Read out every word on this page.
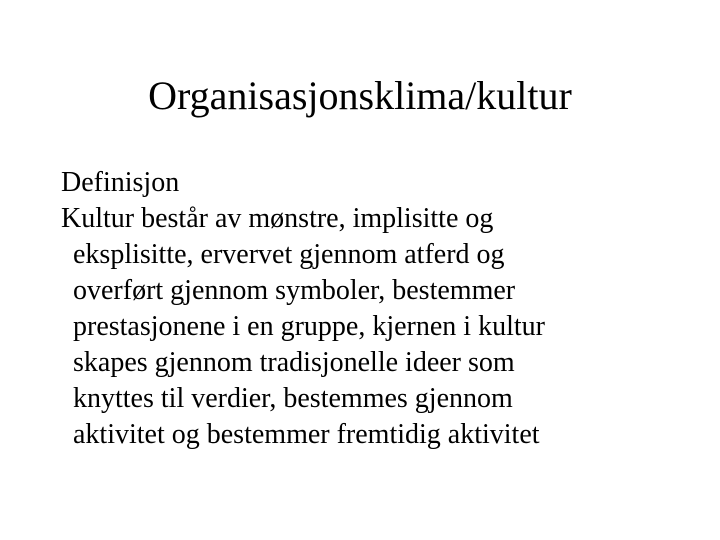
Organisasjonsklima/kultur

Definisjon

Kultur består av mønstre, implisitte og

eksplisitte, ervervet gjennom atferd og

overført gjennom symboler, bestemmer

prestasjonene i en gruppe, kjernen i kultur

skapes gjennom tradisjonelle ideer som

knyttes til verdier, bestemmes gjennom

aktivitet og bestemmer fremtidig aktivitet
